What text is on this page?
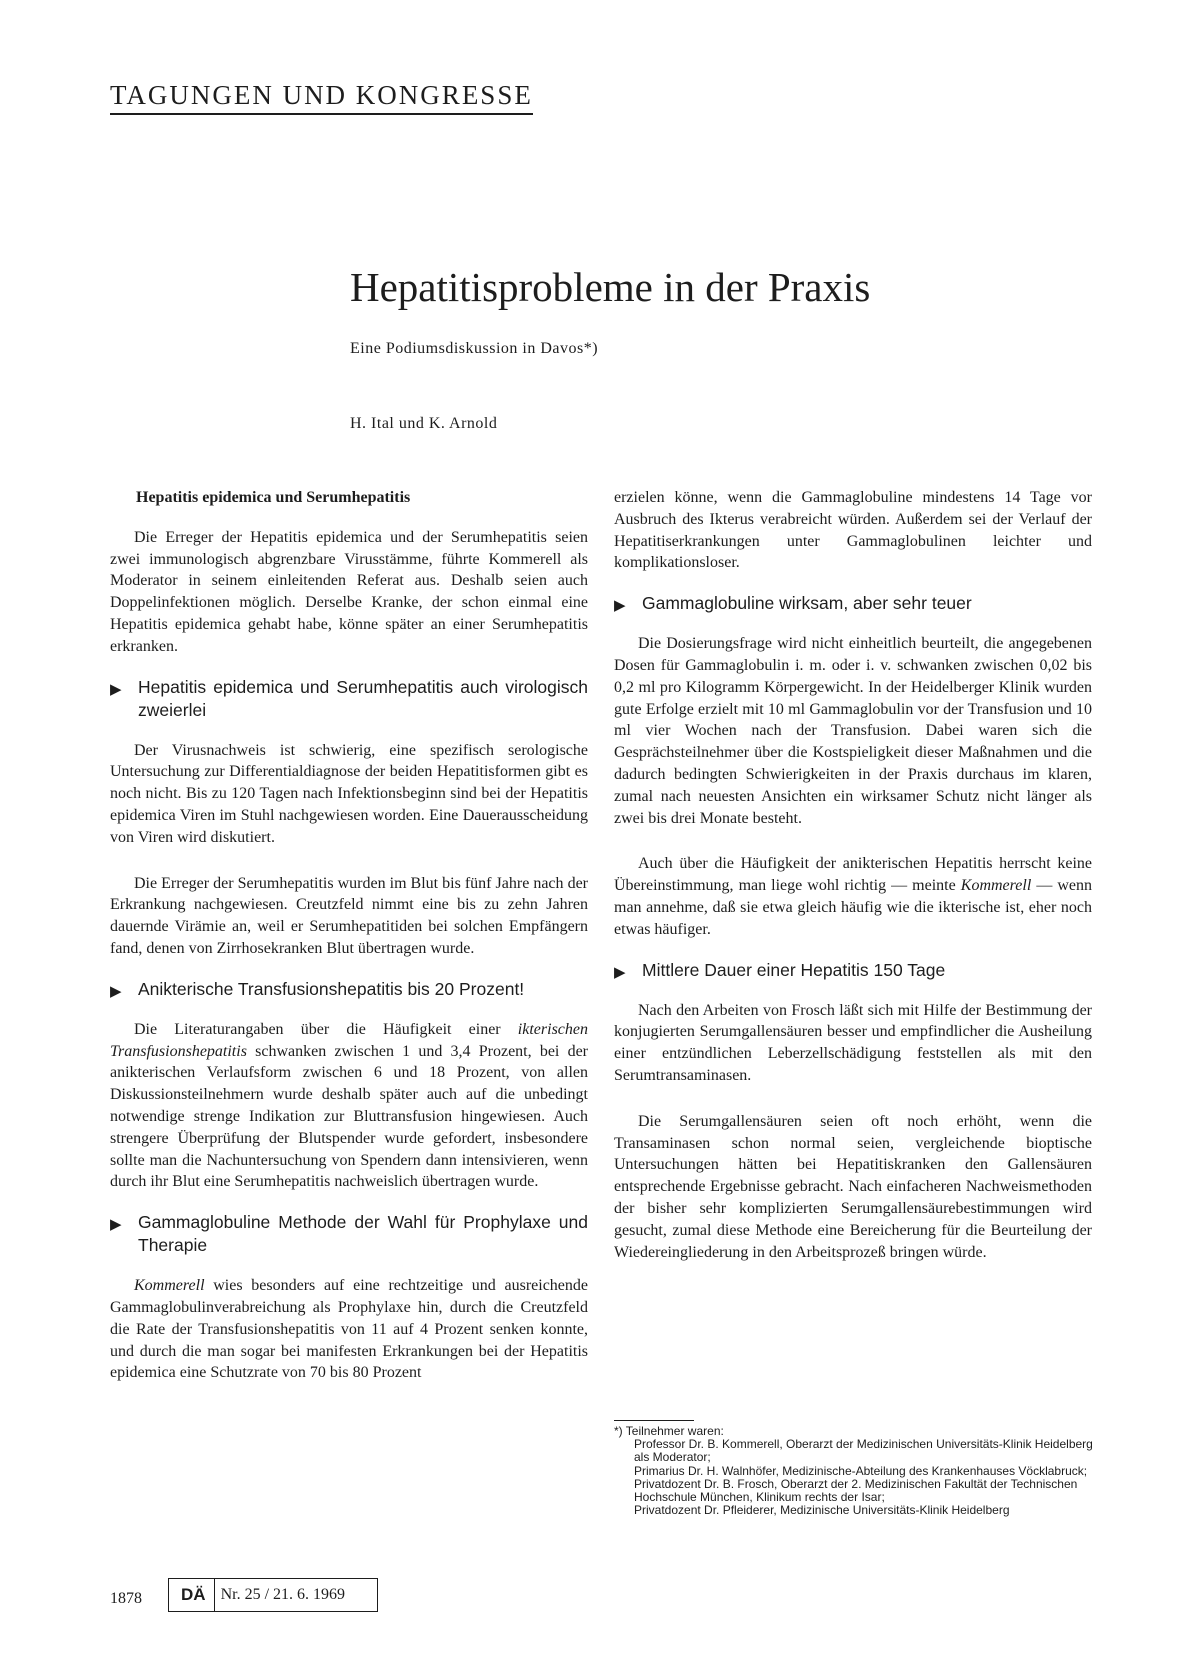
TAGUNGEN UND KONGRESSE
Hepatitisprobleme in der Praxis
Eine Podiumsdiskussion in Davos*)
H. Ital und K. Arnold
Hepatitis epidemica und Serumhepatitis

Die Erreger der Hepatitis epidemica und der Serumhepatitis seien zwei immunologisch abgrenzbare Virusstämme, führte Kommerell als Moderator in seinem einleitenden Referat aus. Deshalb seien auch Doppelinfektionen möglich. Derselbe Kranke, der schon einmal eine Hepatitis epidemica gehabt habe, könne später an einer Serumhepatitis erkranken.

▶ Hepatitis epidemica und Serumhepatitis auch virologisch zweierlei

Der Virusnachweis ist schwierig, eine spezifisch serologische Untersuchung zur Differentialdiagnose der beiden Hepatitisformen gibt es noch nicht. Bis zu 120 Tagen nach Infektionsbeginn sind bei der Hepatitis epidemica Viren im Stuhl nachgewiesen worden. Eine Dauerausscheidung von Viren wird diskutiert.

Die Erreger der Serumhepatitis wurden im Blut bis fünf Jahre nach der Erkrankung nachgewiesen. Creutzfeld nimmt eine bis zu zehn Jahren dauernde Virämie an, weil er Serumhepatitiden bei solchen Empfängern fand, denen von Zirrhosekranken Blut übertragen wurde.

▶ Anikterische Transfusionshepatitis bis 20 Prozent!

Die Literaturangaben über die Häufigkeit einer ikterischen Transfusionshepatitis schwanken zwischen 1 und 3,4 Prozent, bei der anikterischen Verlaufsform zwischen 6 und 18 Prozent, von allen Diskussionsteilnehmern wurde deshalb später auch auf die unbedingt notwendige strenge Indikation zur Bluttransfusion hingewiesen. Auch strengere Überprüfung der Blutspender wurde gefordert, insbesondere sollte man die Nachuntersuchung von Spendern dann intensivieren, wenn durch ihr Blut eine Serumhepatitis nachweislich übertragen wurde.

▶ Gammaglobuline Methode der Wahl für Prophylaxe und Therapie

Kommerell wies besonders auf eine rechtzeitige und ausreichende Gammaglobulinverabreichung als Prophylaxe hin, durch die Creutzfeld die Rate der Transfusionshepatitis von 11 auf 4 Prozent senken konnte, und durch die man sogar bei manifesten Erkrankungen bei der Hepatitis epidemica eine Schutzrate von 70 bis 80 Prozent

erzielen könne, wenn die Gammaglobuline mindestens 14 Tage vor Ausbruch des Ikterus verabreicht würden. Außerdem sei der Verlauf der Hepatitiserkrankungen unter Gammaglobulinen leichter und komplikationsloser.

▶ Gammaglobuline wirksam, aber sehr teuer

Die Dosierungsfrage wird nicht einheitlich beurteilt, die angegebenen Dosen für Gammaglobulin i. m. oder i. v. schwanken zwischen 0,02 bis 0,2 ml pro Kilogramm Körpergewicht. In der Heidelberger Klinik wurden gute Erfolge erzielt mit 10 ml Gammaglobulin vor der Transfusion und 10 ml vier Wochen nach der Transfusion. Dabei waren sich die Gesprächsteilnehmer über die Kostspieligkeit dieser Maßnahmen und die dadurch bedingten Schwierigkeiten in der Praxis durchaus im klaren, zumal nach neuesten Ansichten ein wirksamer Schutz nicht länger als zwei bis drei Monate besteht.

Auch über die Häufigkeit der anikterischen Hepatitis herrscht keine Übereinstimmung, man liege wohl richtig — meinte Kommerell — wenn man annehme, daß sie etwa gleich häufig wie die ikterische ist, eher noch etwas häufiger.

▶ Mittlere Dauer einer Hepatitis 150 Tage

Nach den Arbeiten von Frosch läßt sich mit Hilfe der Bestimmung der konjugierten Serumgallensäuren besser und empfindlicher die Ausheilung einer entzündlichen Leberzellschädigung feststellen als mit den Serumtransaminasen.

Die Serumgallensäuren seien oft noch erhöht, wenn die Transaminasen schon normal seien, vergleichende bioptische Untersuchungen hätten bei Hepatitiskranken den Gallensäuren entsprechende Ergebnisse gebracht. Nach einfacheren Nachweismethoden der bisher sehr komplizierten Serumgallensäurebestimmungen wird gesucht, zumal diese Methode eine Bereicherung für die Beurteilung der Wiedereingliederung in den Arbeitsprozeß bringen würde.

*) Teilnehmer waren:

Professor Dr. B. Kommerell, Oberarzt der Medizinischen Universitäts-Klinik Heidelberg als Moderator;

Primarius Dr. H. Walnhöfer, Medizinische-Abteilung des Krankenhauses Vöcklabruck;

Privatdozent Dr. B. Frosch, Oberarzt der 2. Medizinischen Fakultät der Technischen Hochschule München, Klinikum rechts der Isar;

Privatdozent Dr. Pfleiderer, Medizinische Universitäts-Klinik Heidelberg

1878	DÄ Nr. 25 / 21. 6. 1969
